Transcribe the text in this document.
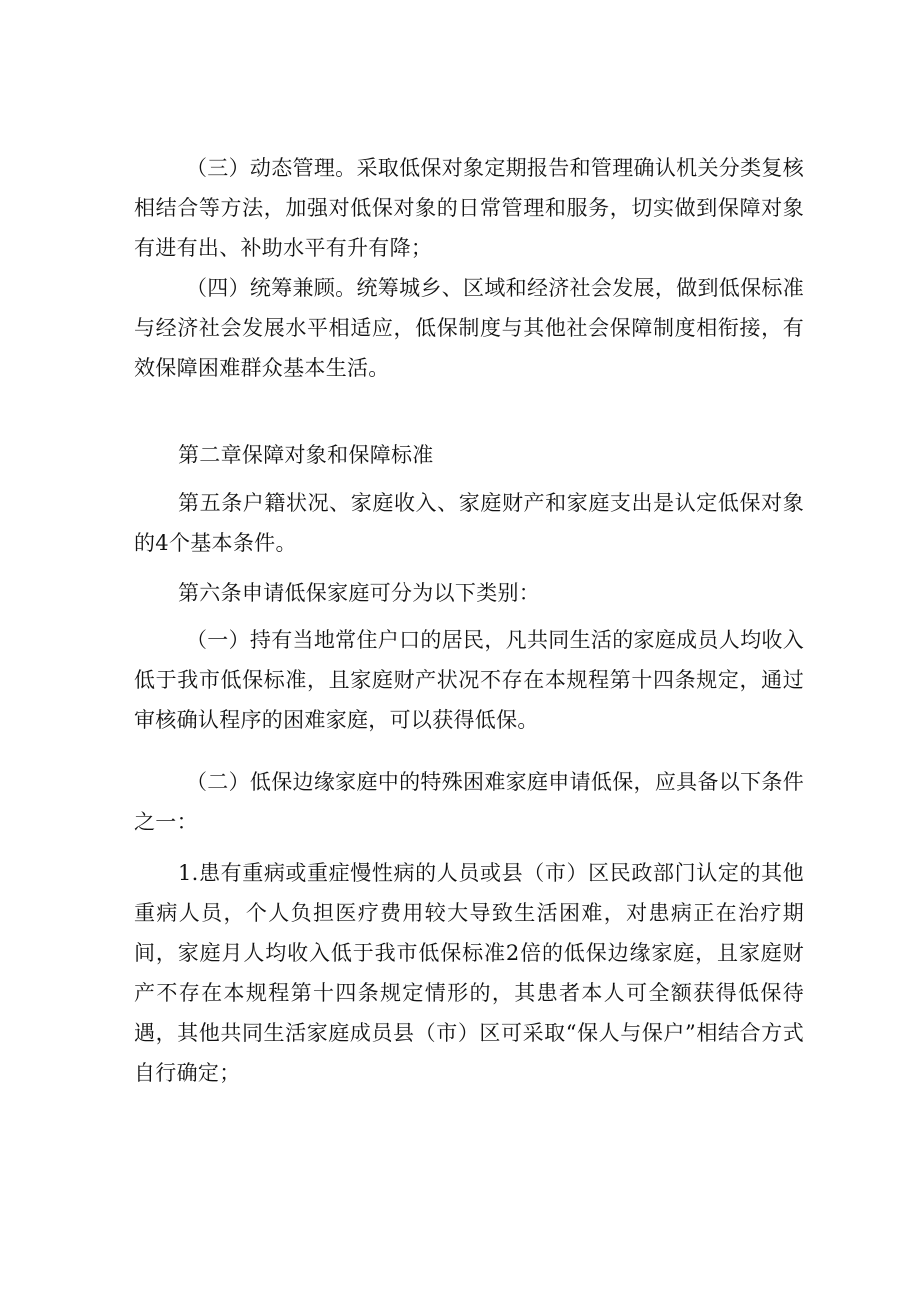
（三）动态管理。采取低保对象定期报告和管理确认机关分类复核相结合等方法，加强对低保对象的日常管理和服务，切实做到保障对象有进有出、补助水平有升有降；

（四）统筹兼顾。统筹城乡、区域和经济社会发展，做到低保标准与经济社会发展水平相适应，低保制度与其他社会保障制度相衔接，有效保障困难群众基本生活。

第二章保障对象和保障标准

第五条户籍状况、家庭收入、家庭财产和家庭支出是认定低保对象的4个基本条件。

第六条申请低保家庭可分为以下类别：

（一）持有当地常住户口的居民，凡共同生活的家庭成员人均收入低于我市低保标准，且家庭财产状况不存在本规程第十四条规定，通过审核确认程序的困难家庭，可以获得低保。

（二）低保边缘家庭中的特殊困难家庭申请低保，应具备以下条件之一：

1.患有重病或重症慢性病的人员或县（市）区民政部门认定的其他重病人员，个人负担医疗费用较大导致生活困难，对患病正在治疗期间，家庭月人均收入低于我市低保标准2倍的低保边缘家庭，且家庭财产不存在本规程第十四条规定情形的，其患者本人可全额获得低保待遇，其他共同生活家庭成员县（市）区可采取“保人与保户”相结合方式自行确定；
